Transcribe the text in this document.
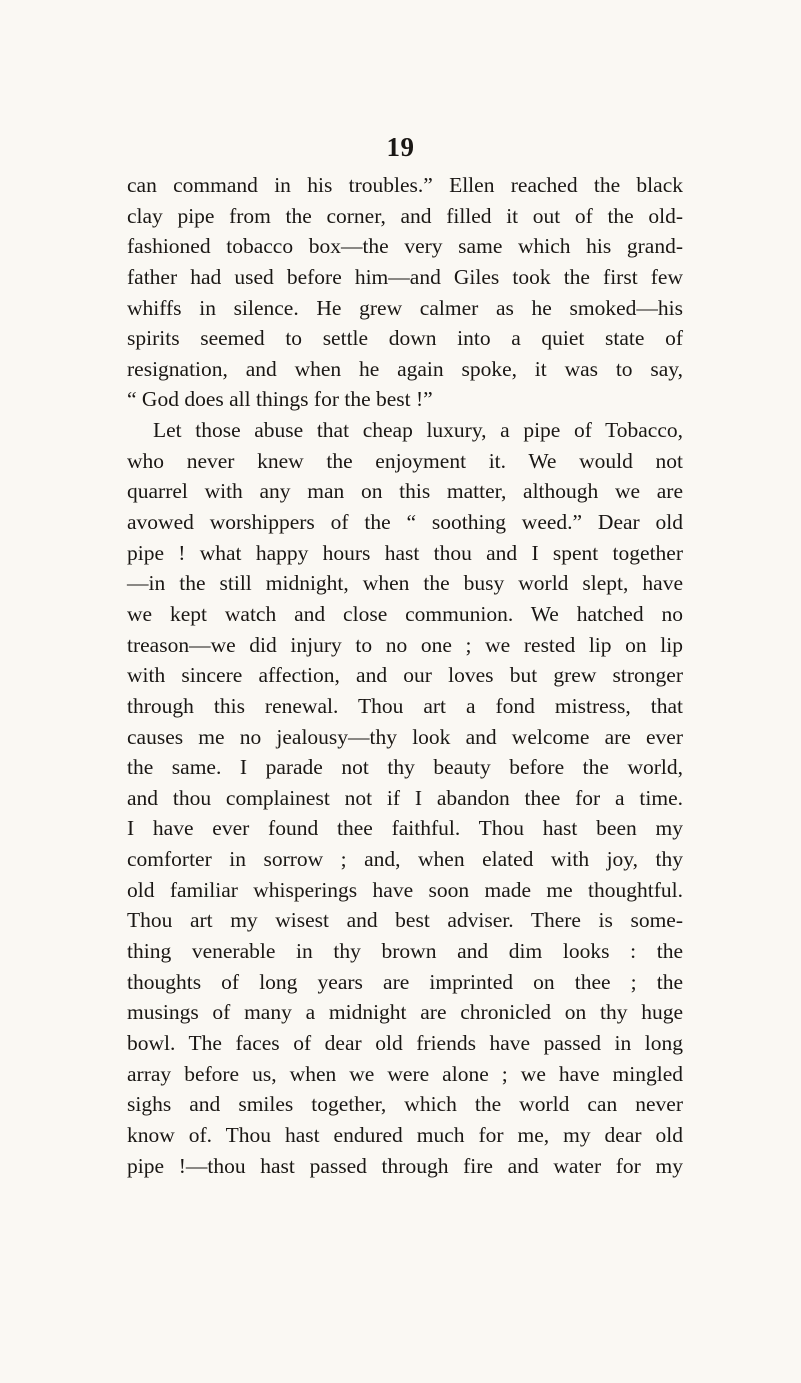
19
can command in his troubles.” Ellen reached the black
clay pipe from the corner, and filled it out of the old-
fashioned tobacco box—the very same which his grand-
father had used before him—and Giles took the first few
whiffs in silence. He grew calmer as he smoked—his
spirits seemed to settle down into a quiet state of
resignation, and when he again spoke, it was to say,
“ God does all things for the best !”
Let those abuse that cheap luxury, a pipe of Tobacco,
who never knew the enjoyment it. We would not
quarrel with any man on this matter, although we are
avowed worshippers of the “ soothing weed.” Dear old
pipe ! what happy hours hast thou and I spent together
—in the still midnight, when the busy world slept, have
we kept watch and close communion. We hatched no
treason—we did injury to no one ; we rested lip on lip
with sincere affection, and our loves but grew stronger
through this renewal. Thou art a fond mistress, that
causes me no jealousy—thy look and welcome are ever
the same. I parade not thy beauty before the world,
and thou complainest not if I abandon thee for a time.
I have ever found thee faithful. Thou hast been my
comforter in sorrow ; and, when elated with joy, thy
old familiar whisperings have soon made me thoughtful.
Thou art my wisest and best adviser. There is some-
thing venerable in thy brown and dim looks : the
thoughts of long years are imprinted on thee ; the
musings of many a midnight are chronicled on thy huge
bowl. The faces of dear old friends have passed in long
array before us, when we were alone ; we have mingled
sighs and smiles together, which the world can never
know of. Thou hast endured much for me, my dear old
pipe !—thou hast passed through fire and water for my
